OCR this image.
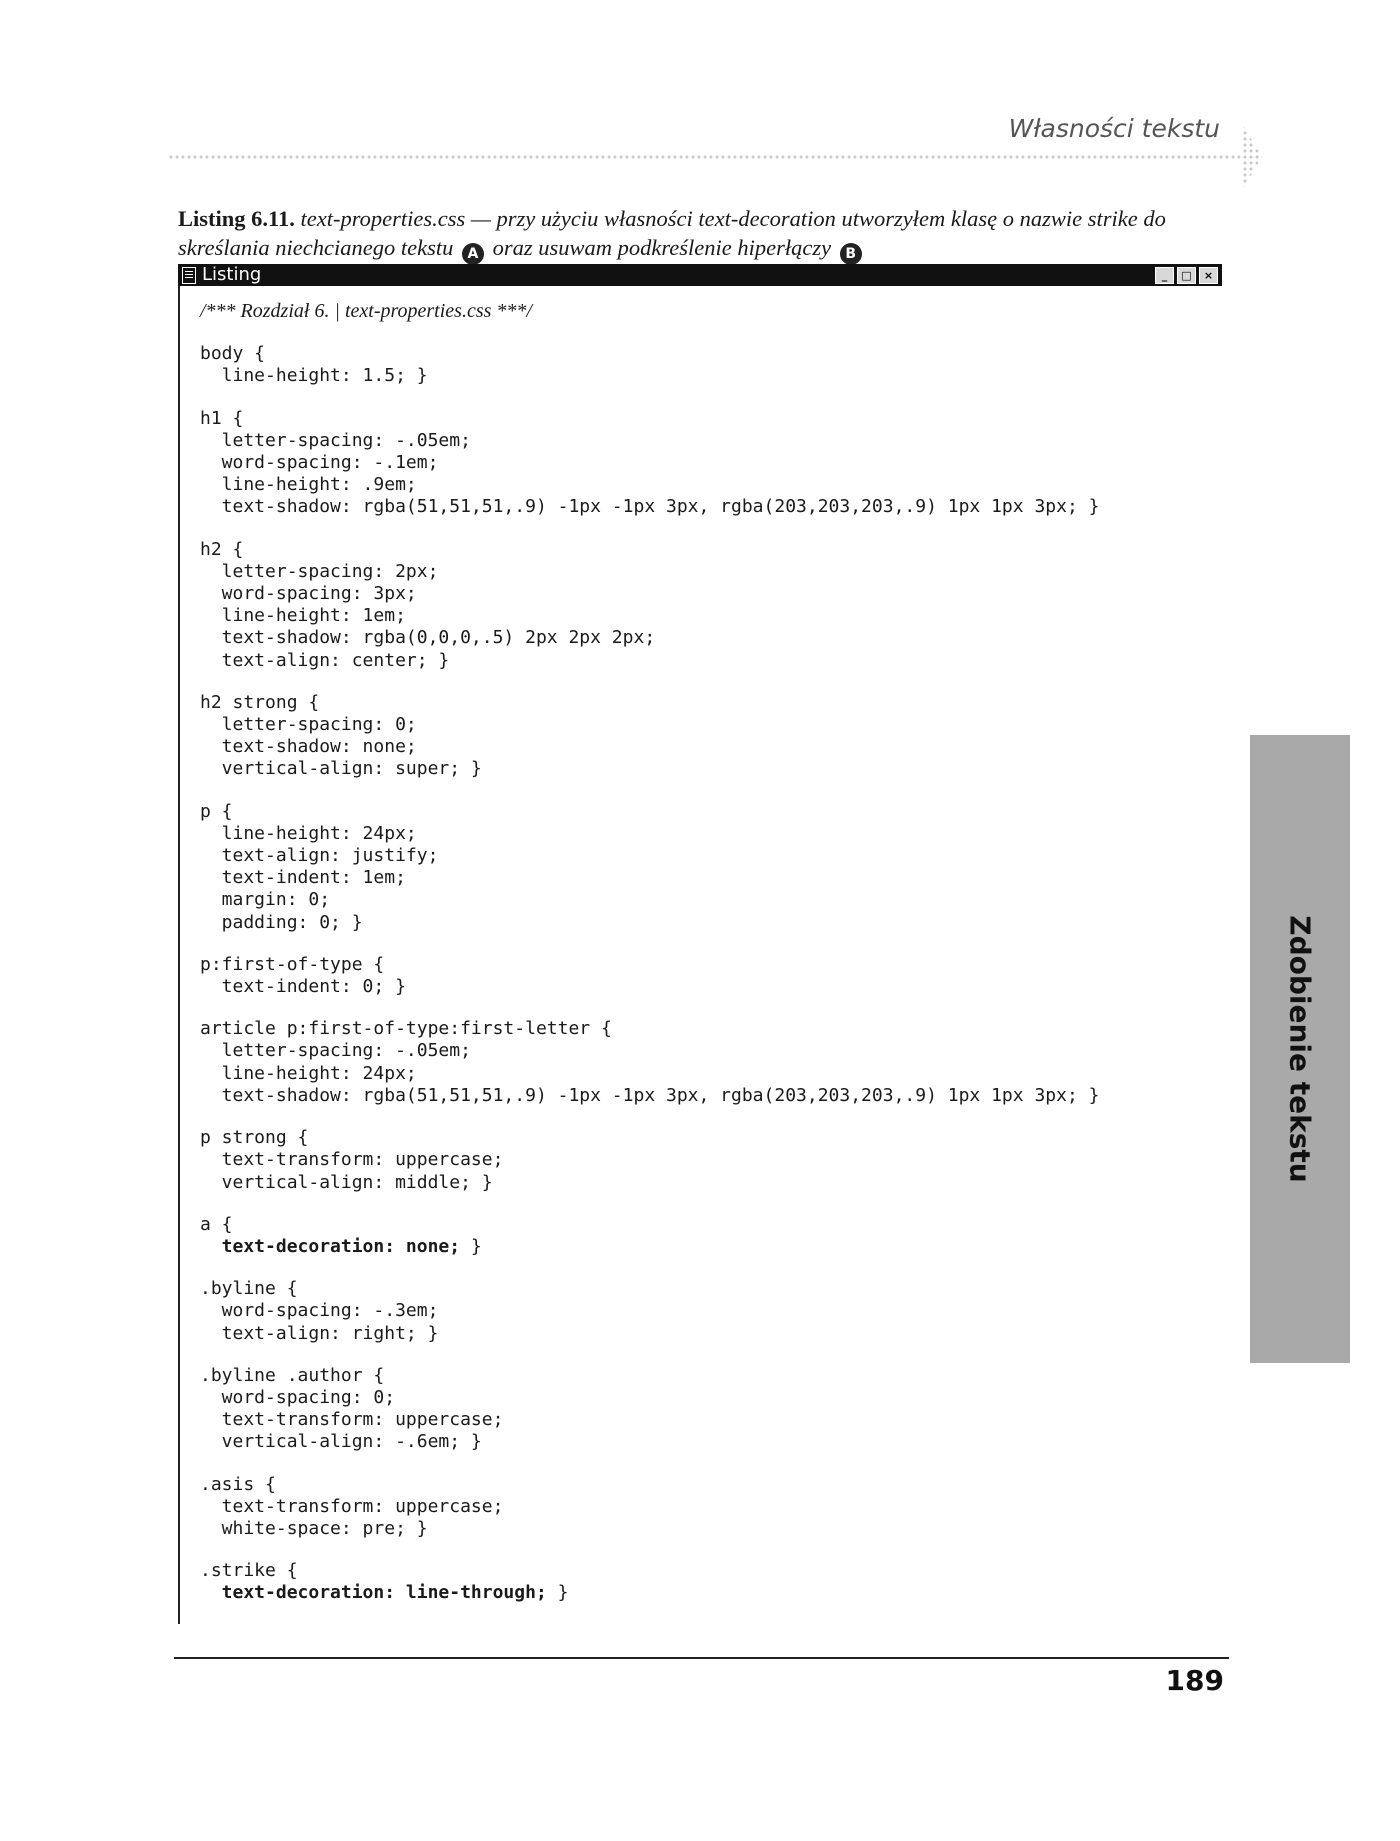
Własności tekstu
Listing 6.11. text-properties.css — przy użyciu własności text-decoration utworzyłem klasę o nazwie strike do skreślania niechcianego tekstu A oraz usuwam podkreślenie hiperłączy B
Listing	_	□	×
/*** Rozdział 6. | text-properties.css ***/

body {
line-height: 1.5; }

h1 {
letter-spacing: -.05em;
word-spacing: -.1em;
line-height: .9em;
text-shadow: rgba(51,51,51,.9) -1px -1px 3px, rgba(203,203,203,.9) 1px 1px 3px; }

h2 {
letter-spacing: 2px;
word-spacing: 3px;
line-height: 1em;
text-shadow: rgba(0,0,0,.5) 2px 2px 2px;
text-align: center; }

h2 strong {
letter-spacing: 0;
text-shadow: none;
vertical-align: super; }

p {
line-height: 24px;
text-align: justify;
text-indent: 1em;
margin: 0;
padding: 0; }

p:first-of-type {
text-indent: 0; }

article p:first-of-type:first-letter {
letter-spacing: -.05em;
line-height: 24px;
text-shadow: rgba(51,51,51,.9) -1px -1px 3px, rgba(203,203,203,.9) 1px 1px 3px; }

p strong {
text-transform: uppercase;
vertical-align: middle; }

a {
text-decoration: none; }

.byline {
word-spacing: -.3em;
text-align: right; }

.byline .author {
word-spacing: 0;
text-transform: uppercase;
vertical-align: -.6em; }

.asis {
text-transform: uppercase;
white-space: pre; }

.strike {
text-decoration: line-through; }

Zdobienie tekstu
189
